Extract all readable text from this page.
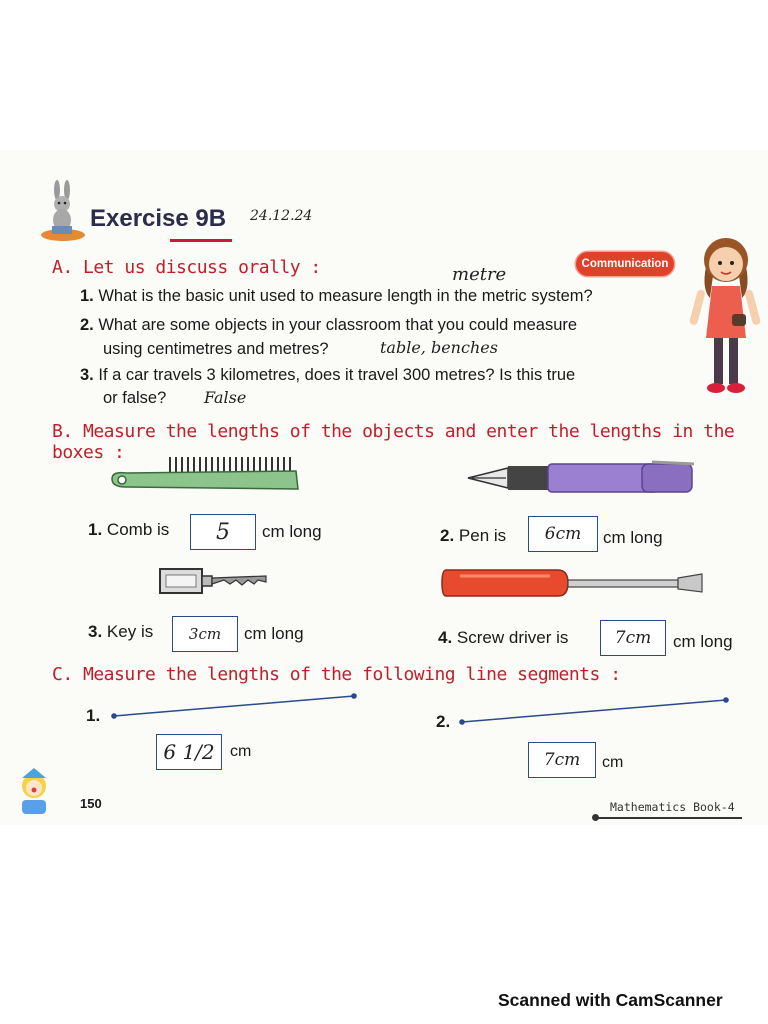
Exercise 9B 24.12.24
Communication
A. Let us discuss orally :	metre
1. What is the basic unit used to measure length in the metric system?
2. What are some objects in your classroom that you could measure
using centimetres and metres?	table, benches
3. If a car travels 3 kilometres, does it travel 300 metres? Is this true
or false? False
B. Measure the lengths of the objects and enter the lengths in the boxes :
1. Comb is	5	cm long	2. Pen is	6cm	cm long
3. Key is	3cm	cm long	4. Screw driver is	7cm	cm long
C. Measure the lengths of the following line segments :
1.
6 1/2 cm
2.
7cm	cm
150	Mathematics Book-4
Scanned with CamScanner
